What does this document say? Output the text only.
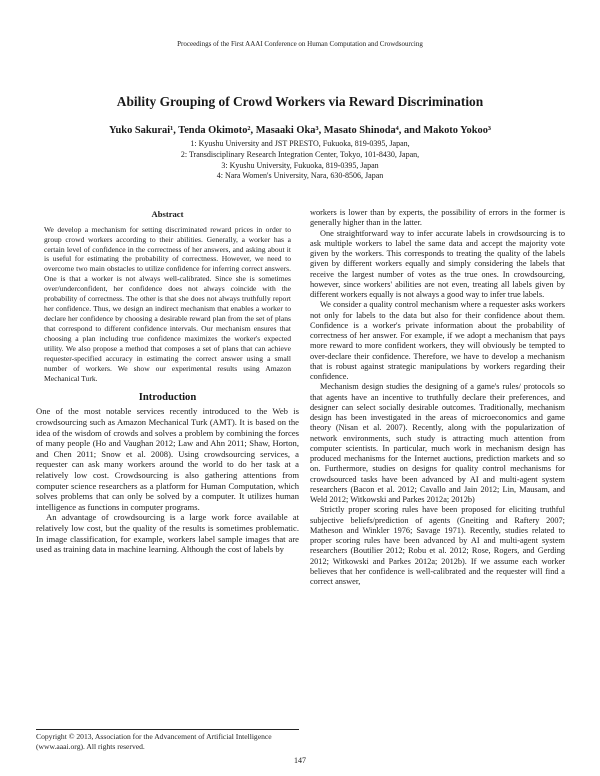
Proceedings of the First AAAI Conference on Human Computation and Crowdsourcing
Ability Grouping of Crowd Workers via Reward Discrimination
Yuko Sakurai¹, Tenda Okimoto², Masaaki Oka³, Masato Shinoda⁴, and Makoto Yokoo³
1: Kyushu University and JST PRESTO, Fukuoka, 819-0395, Japan,
2: Transdisciplinary Research Integration Center, Tokyo, 101-8430, Japan,
3: Kyushu University, Fukuoka, 819-0395, Japan
4: Nara Women's University, Nara, 630-8506, Japan
Abstract

We develop a mechanism for setting discriminated reward prices in order to group crowd workers according to their abilities. Generally, a worker has a certain level of confidence in the correctness of her answers, and asking about it is useful for estimating the probability of correctness. However, we need to overcome two main obstacles to utilize confidence for inferring correct answers. One is that a worker is not always well-calibrated. Since she is sometimes over/underconfident, her confidence does not always coincide with the probability of correctness. The other is that she does not always truthfully report her confidence. Thus, we design an indirect mechanism that enables a worker to declare her confidence by choosing a desirable reward plan from the set of plans that correspond to different confidence intervals. Our mechanism ensures that choosing a plan including true confidence maximizes the worker's expected utility. We also propose a method that composes a set of plans that can achieve requester-specified accuracy in estimating the correct answer using a small number of workers. We show our experimental results using Amazon Mechanical Turk.

Introduction

One of the most notable services recently introduced to the Web is crowdsourcing such as Amazon Mechanical Turk (AMT). It is based on the idea of the wisdom of crowds and solves a problem by combining the forces of many people (Ho and Vaughan 2012; Law and Ahn 2011; Shaw, Horton, and Chen 2011; Snow et al. 2008). Using crowdsourcing services, a requester can ask many workers around the world to do her task at a relatively low cost. Crowdsourcing is also gathering attentions from computer science researchers as a platform for Human Computation, which solves problems that can only be solved by a computer. It utilizes human intelligence as functions in computer programs.

An advantage of crowdsourcing is a large work force available at relatively low cost, but the quality of the results is sometimes problematic. In image classification, for example, workers label sample images that are used as training data in machine learning. Although the cost of labels by

workers is lower than by experts, the possibility of errors in the former is generally higher than in the latter.

One straightforward way to infer accurate labels in crowdsourcing is to ask multiple workers to label the same data and accept the majority vote given by the workers. This corresponds to treating the quality of the labels given by different workers equally and simply considering the labels that receive the largest number of votes as the true ones. In crowdsourcing, however, since workers' abilities are not even, treating all labels given by different workers equally is not always a good way to infer true labels.

We consider a quality control mechanism where a requester asks workers not only for labels to the data but also for their confidence about them. Confidence is a worker's private information about the probability of correctness of her answer. For example, if we adopt a mechanism that pays more reward to more confident workers, they will obviously be tempted to over-declare their confidence. Therefore, we have to develop a mechanism that is robust against strategic manipulations by workers regarding their confidence.

Mechanism design studies the designing of a game's rules/ protocols so that agents have an incentive to truthfully declare their preferences, and designer can select socially desirable outcomes. Traditionally, mechanism design has been investigated in the areas of microeconomics and game theory (Nisan et al. 2007). Recently, along with the popularization of network environments, such study is attracting much attention from computer scientists. In particular, much work in mechanism design has produced mechanisms for the Internet auctions, prediction markets and so on. Furthermore, studies on designs for quality control mechanisms for crowdsourced tasks have been advanced by AI and multi-agent system researchers (Bacon et al. 2012; Cavallo and Jain 2012; Lin, Mausam, and Weld 2012; Witkowski and Parkes 2012a; 2012b)

Strictly proper scoring rules have been proposed for eliciting truthful subjective beliefs/prediction of agents (Gneiting and Raftery 2007; Matheson and Winkler 1976; Savage 1971). Recently, studies related to proper scoring rules have been advanced by AI and multi-agent system researchers (Boutilier 2012; Robu et al. 2012; Rose, Rogers, and Gerding 2012; Witkowski and Parkes 2012a; 2012b). If we assume each worker believes that her confidence is well-calibrated and the requester will find a correct answer,

Copyright © 2013, Association for the Advancement of Artificial Intelligence (www.aaai.org). All rights reserved.
147
